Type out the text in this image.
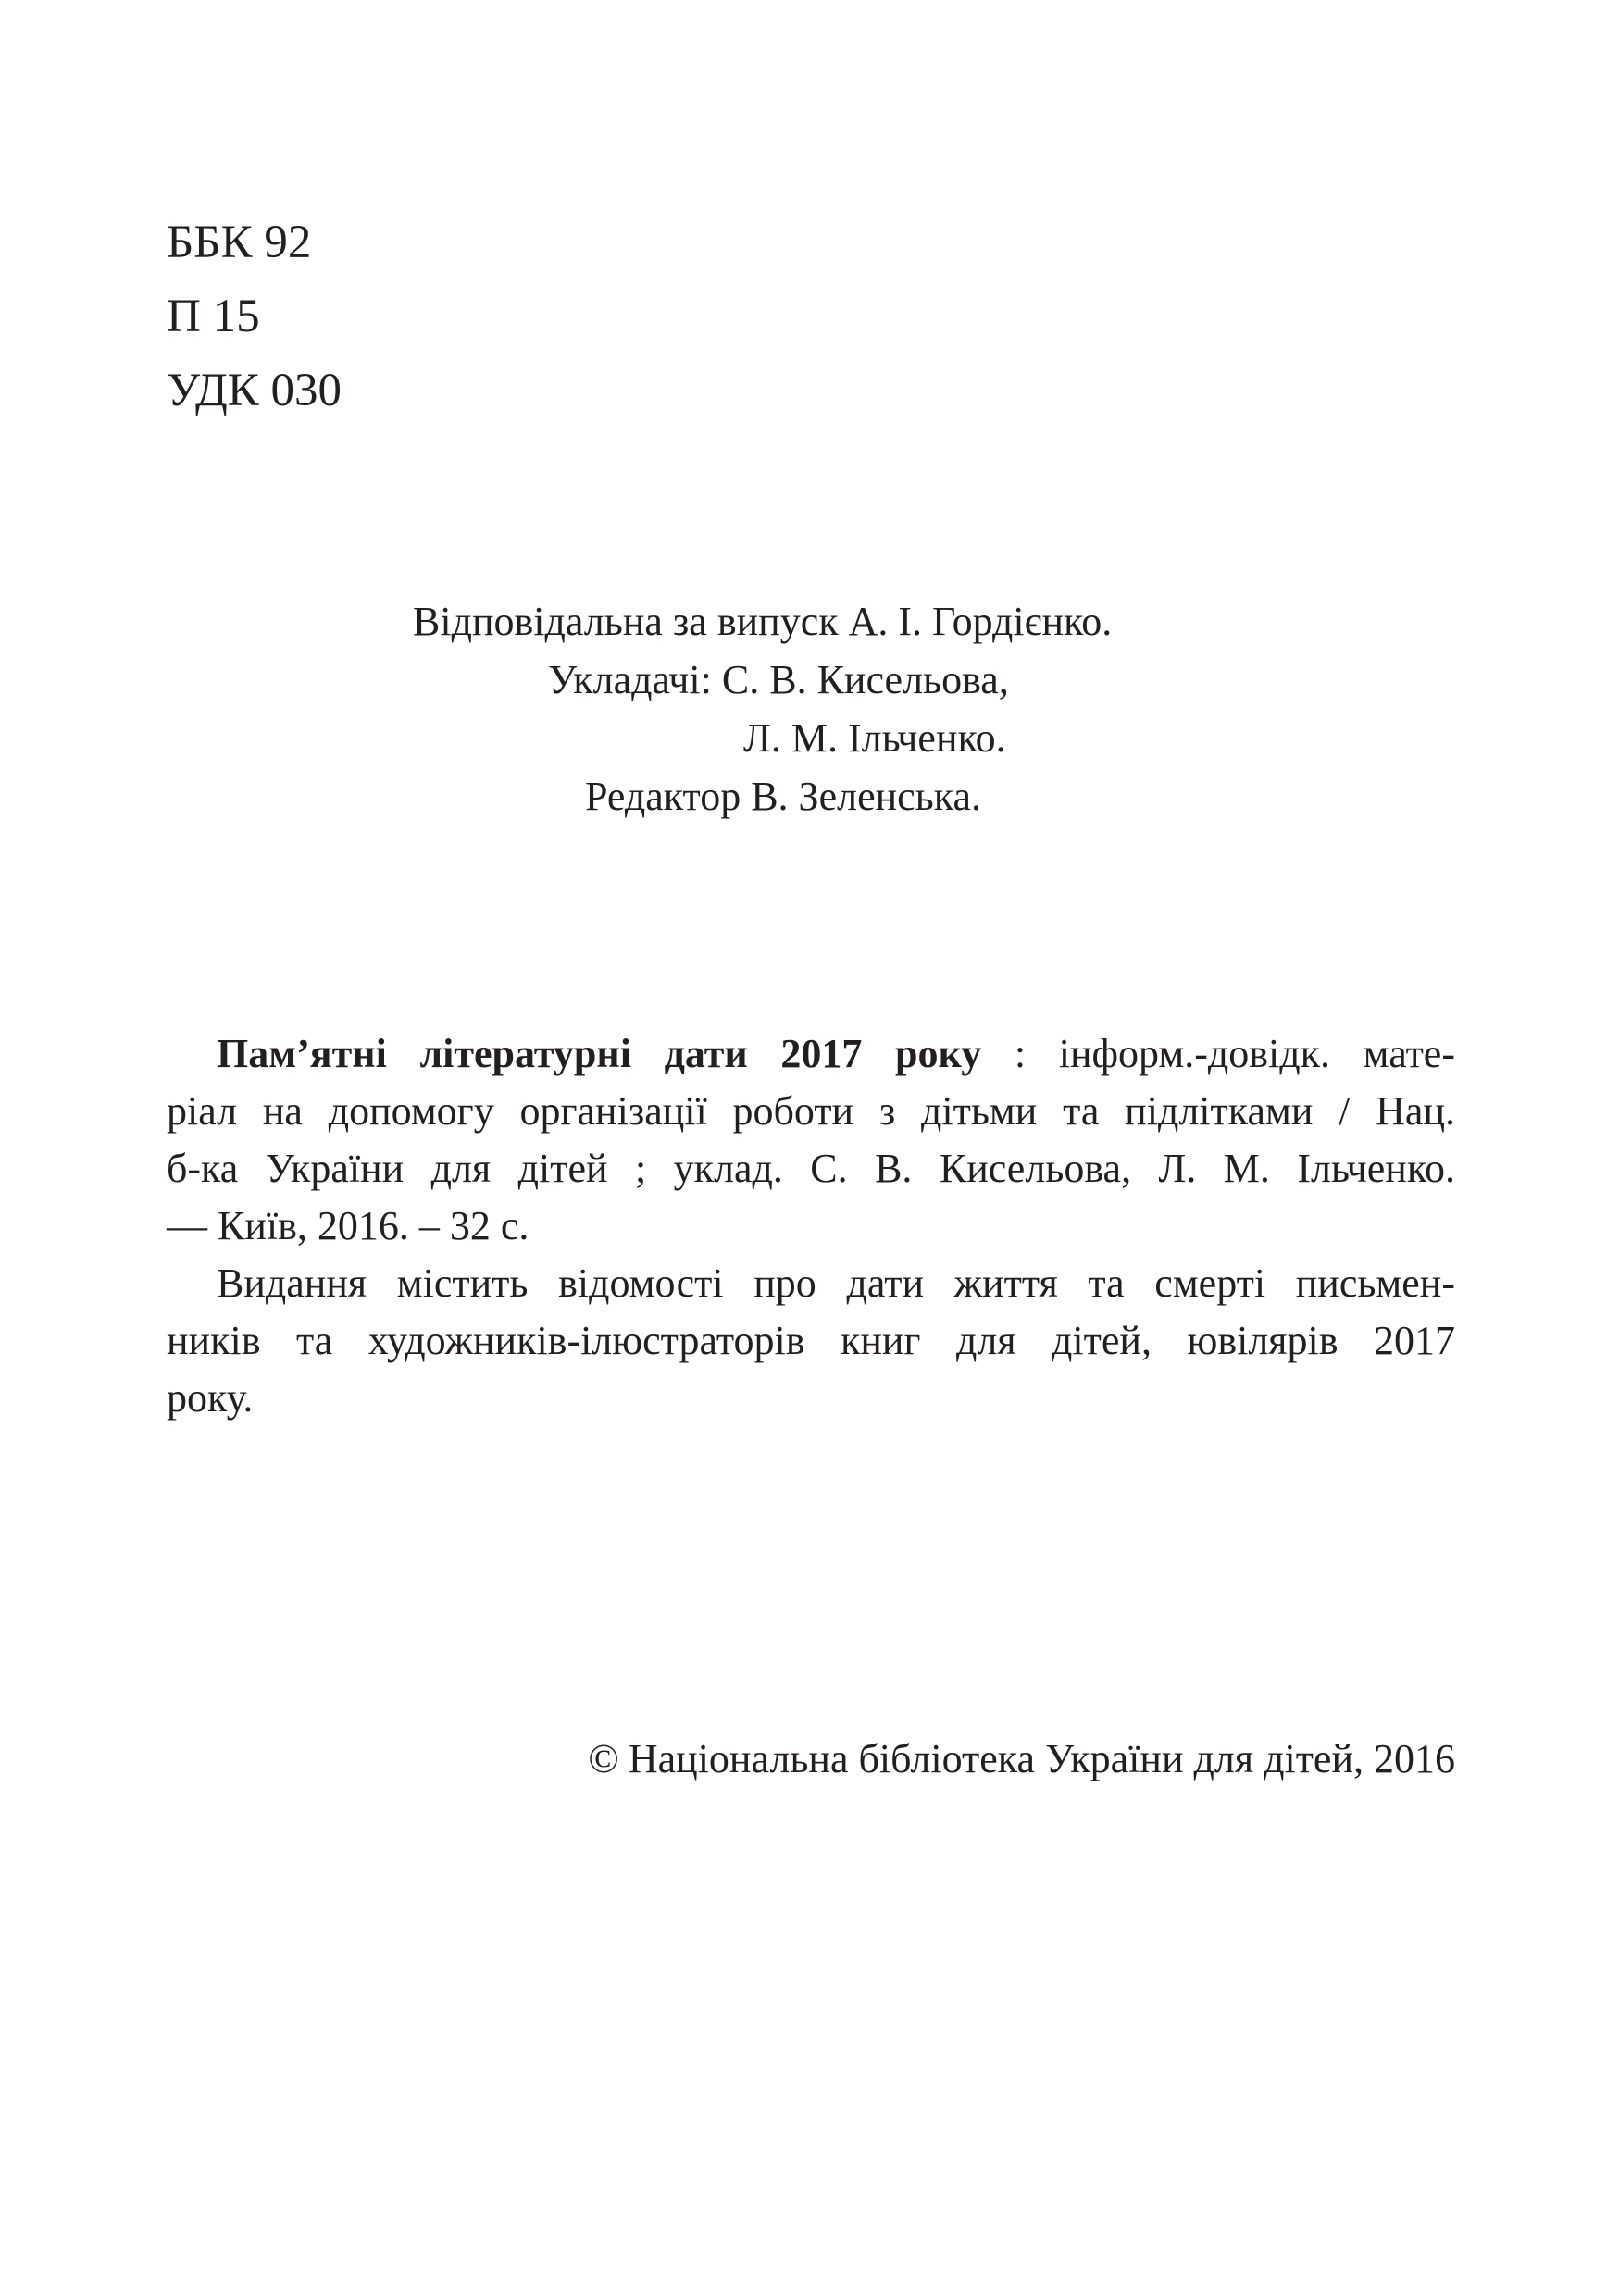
ББК 92
П 15
УДК 030
Відповідальна за випуск А. І. Гордієнко.
Укладачі: С. В. Кисельова,
Л. М. Ільченко.
Редактор В. Зеленська.
Пам’ятні літературні дати 2017 року : інформ.-довідк. мате-
ріал на допомогу організації роботи з дітьми та підлітками / Нац.
б-ка України для дітей ; уклад. С. В. Кисельова, Л. М. Ільченко.
— Київ, 2016. – 32 с.
Видання містить відомості про дати життя та смерті письмен-
ників та художників-ілюстраторів книг для дітей, ювілярів 2017
року.
© Національна бібліотека України для дітей, 2016
